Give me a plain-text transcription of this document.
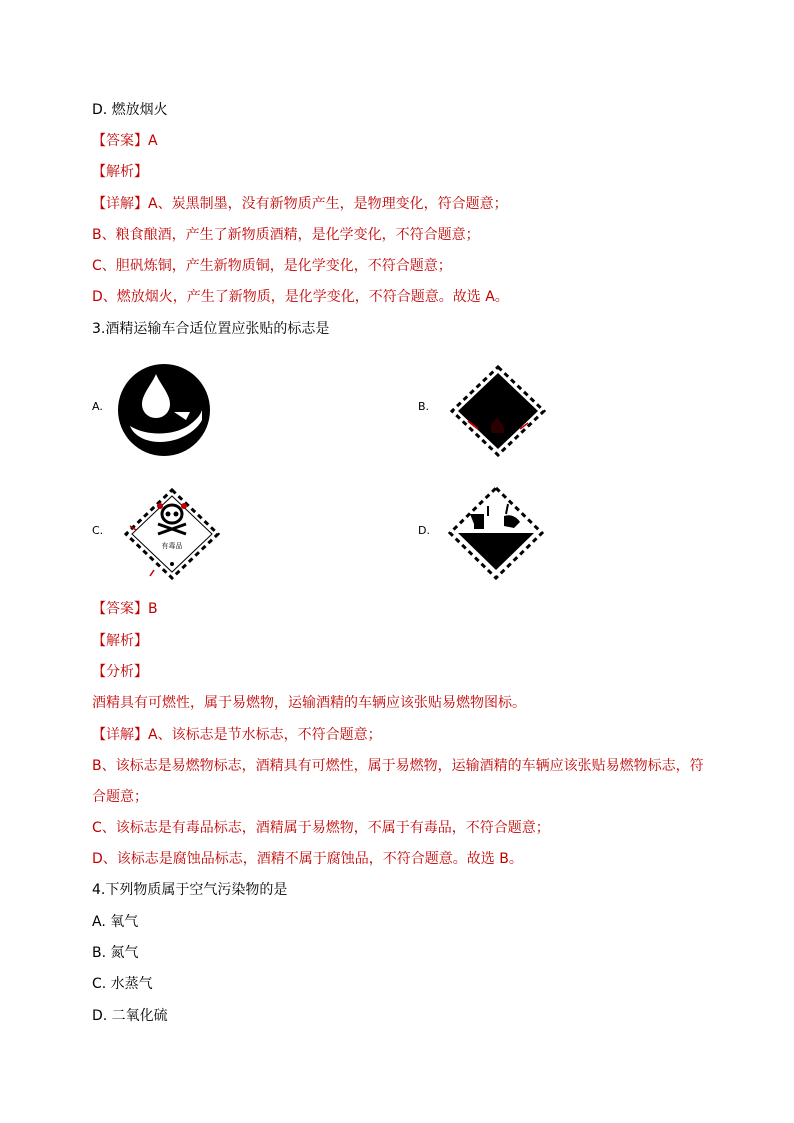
D. 燃放烟火
【答案】A
【解析】
【详解】A、炭黑制墨，没有新物质产生，是物理变化，符合题意；
B、粮食酿酒，产生了新物质酒精，是化学变化，不符合题意；
C、胆矾炼铜，产生新物质铜，是化学变化，不符合题意；
D、燃放烟火，产生了新物质，是化学变化，不符合题意。故选 A。
3.酒精运输车合适位置应张贴的标志是
A.	B.
C.
有毒品
D.
【答案】B
【解析】
【分析】
酒精具有可燃性，属于易燃物，运输酒精的车辆应该张贴易燃物图标。
【详解】A、该标志是节水标志，不符合题意；
B、该标志是易燃物标志，酒精具有可燃性，属于易燃物，运输酒精的车辆应该张贴易燃物标志，符
合题意；
C、该标志是有毒品标志，酒精属于易燃物，不属于有毒品，不符合题意；
D、该标志是腐蚀品标志，酒精不属于腐蚀品，不符合题意。故选 B。
4.下列物质属于空气污染物的是
A. 氧气
B. 氮气
C. 水蒸气
D. 二氧化硫
